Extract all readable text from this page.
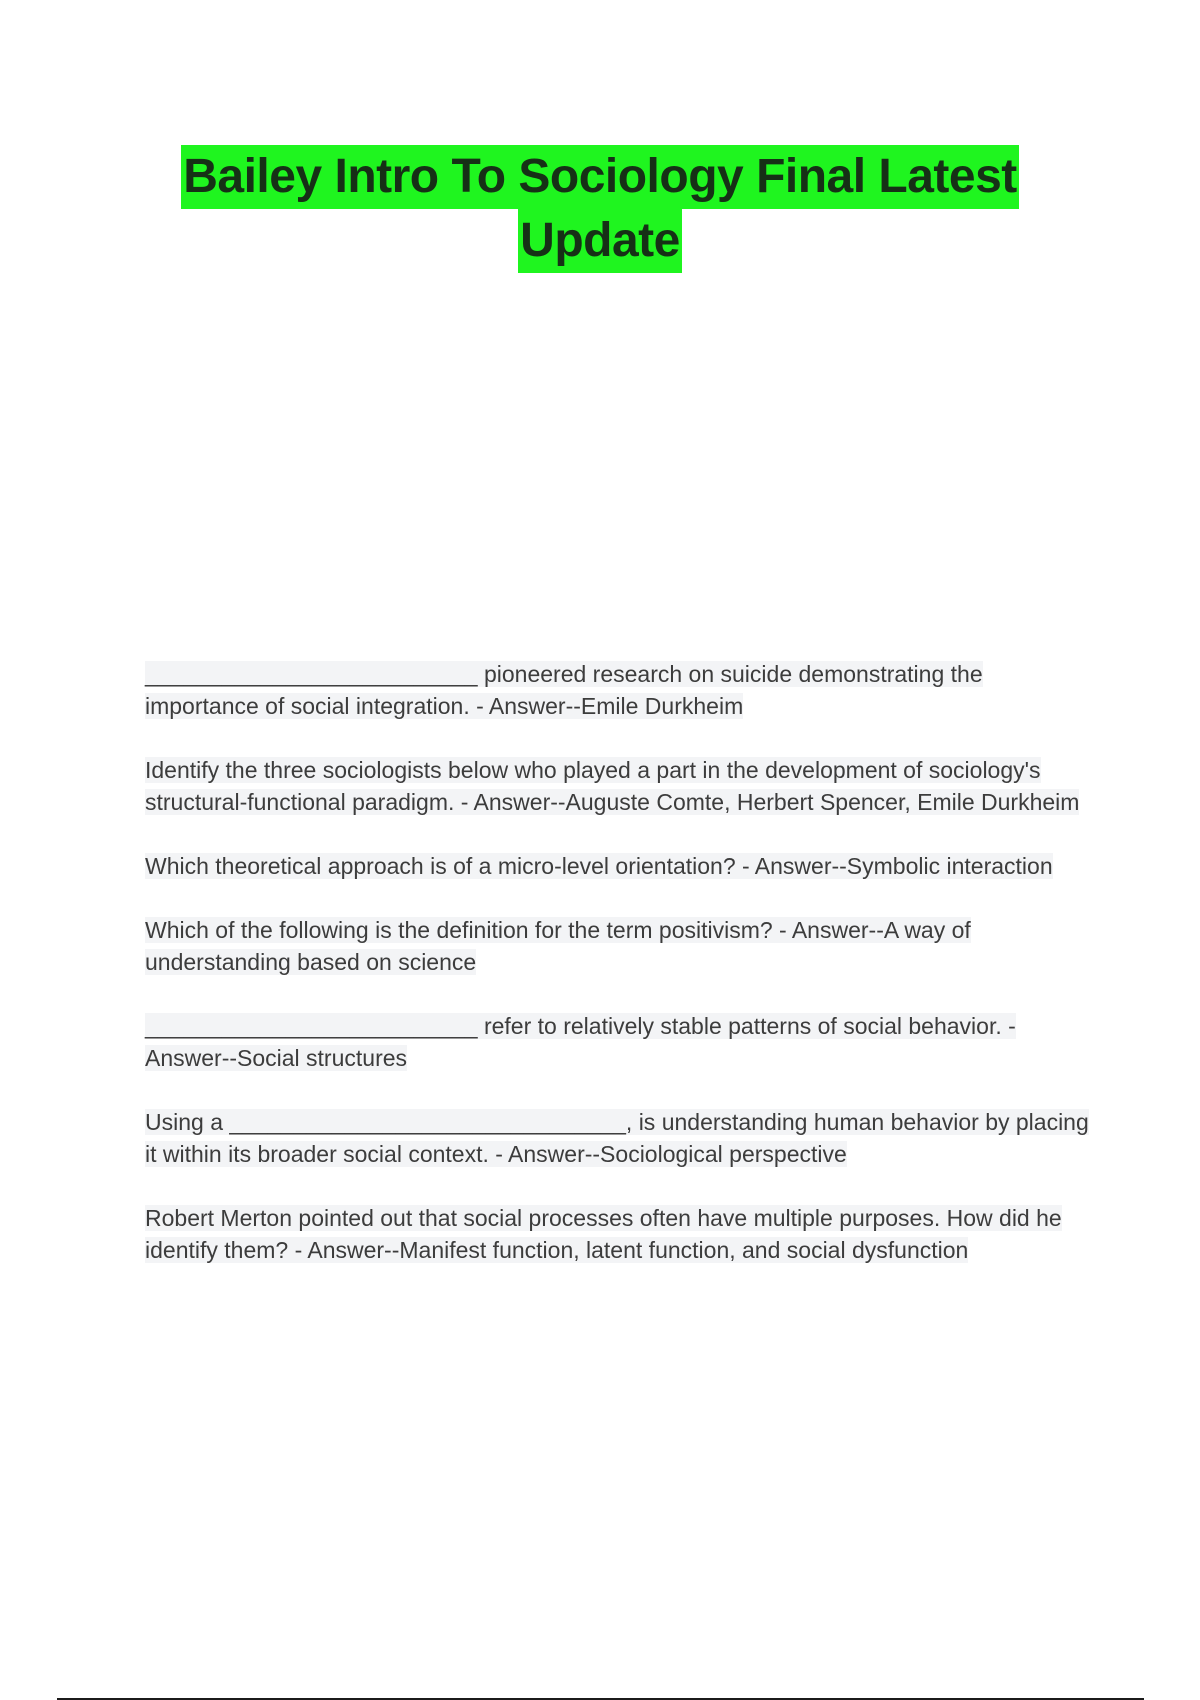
Bailey Intro To Sociology Final Latest
Update

__________________________ pioneered research on suicide demonstrating the importance of social integration. - Answer--Emile Durkheim

Identify the three sociologists below who played a part in the development of sociology's structural-functional paradigm. - Answer--Auguste Comte, Herbert Spencer, Emile Durkheim

Which theoretical approach is of a micro-level orientation? - Answer--Symbolic interaction

Which of the following is the definition for the term positivism? - Answer--A way of understanding based on science

__________________________ refer to relatively stable patterns of social behavior. - Answer--Social structures

Using a _______________________________, is understanding human behavior by placing it within its broader social context. - Answer--Sociological perspective

Robert Merton pointed out that social processes often have multiple purposes. How did he identify them? - Answer--Manifest function, latent function, and social dysfunction
